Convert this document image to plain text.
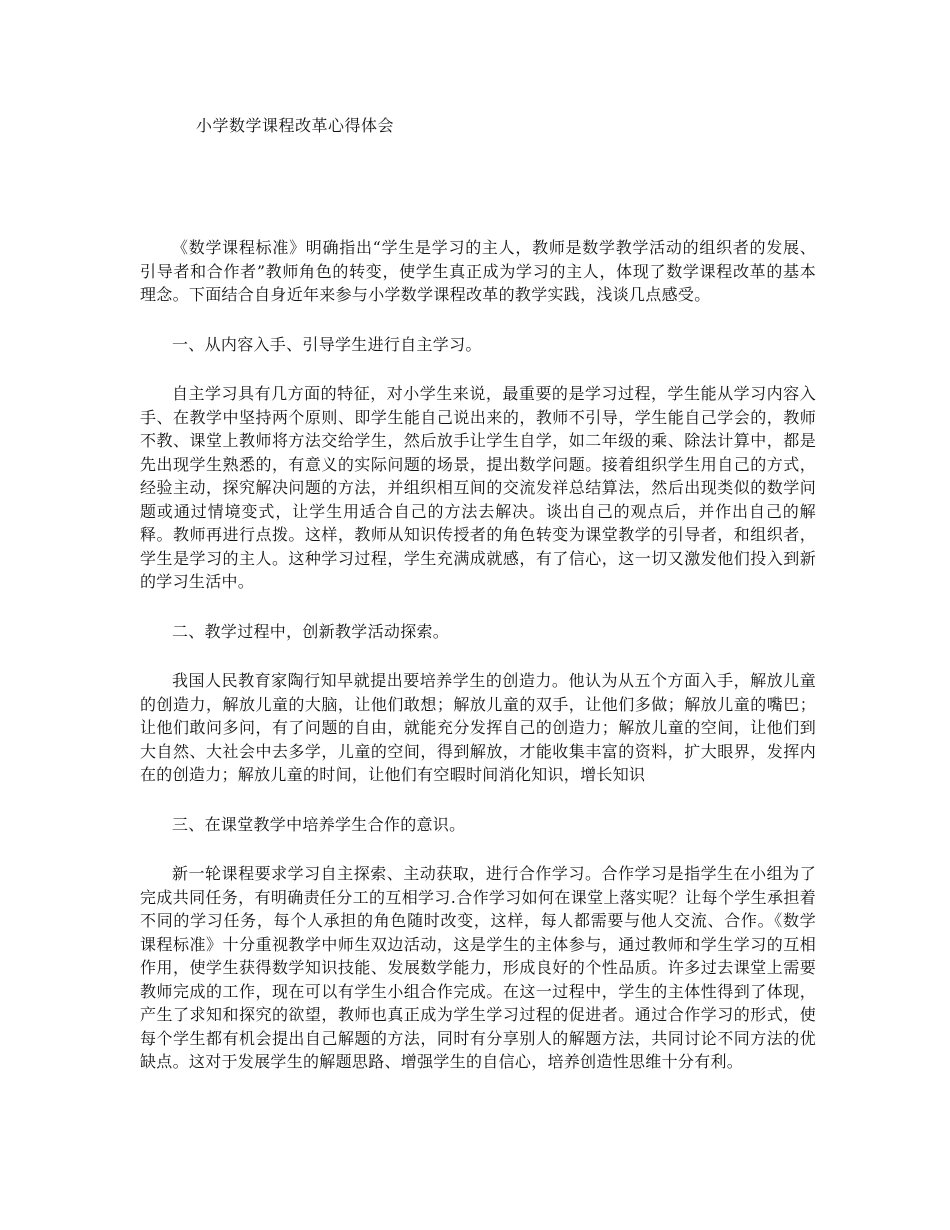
小学数学课程改革心得体会

《数学课程标准》明确指出“学生是学习的主人，教师是数学教学活动的组织者的发展、引导者和合作者”教师角色的转变，使学生真正成为学习的主人，体现了数学课程改革的基本理念。下面结合自身近年来参与小学数学课程改革的教学实践，浅谈几点感受。

一、从内容入手、引导学生进行自主学习。

自主学习具有几方面的特征，对小学生来说，最重要的是学习过程，学生能从学习内容入手、在教学中坚持两个原则、即学生能自己说出来的，教师不引导，学生能自己学会的，教师不教、课堂上教师将方法交给学生，然后放手让学生自学，如二年级的乘、除法计算中，都是先出现学生熟悉的，有意义的实际问题的场景，提出数学问题。接着组织学生用自己的方式，经验主动，探究解决问题的方法，并组织相互间的交流发祥总结算法，然后出现类似的数学问题或通过情境变式，让学生用适合自己的方法去解决。谈出自己的观点后，并作出自己的解释。教师再进行点拨。这样，教师从知识传授者的角色转变为课堂教学的引导者，和组织者，学生是学习的主人。这种学习过程，学生充满成就感，有了信心，这一切又激发他们投入到新的学习生活中。

二、教学过程中，创新教学活动探索。

我国人民教育家陶行知早就提出要培养学生的创造力。他认为从五个方面入手，解放儿童的创造力，解放儿童的大脑，让他们敢想；解放儿童的双手，让他们多做；解放儿童的嘴巴；让他们敢问多问，有了问题的自由，就能充分发挥自己的创造力；解放儿童的空间，让他们到大自然、大社会中去多学，儿童的空间，得到解放，才能收集丰富的资料，扩大眼界，发挥内在的创造力；解放儿童的时间，让他们有空暇时间消化知识，增长知识

三、在课堂教学中培养学生合作的意识。

新一轮课程要求学习自主探索、主动获取，进行合作学习。合作学习是指学生在小组为了完成共同任务，有明确责任分工的互相学习.合作学习如何在课堂上落实呢？让每个学生承担着不同的学习任务，每个人承担的角色随时改变，这样，每人都需要与他人交流、合作。《数学课程标准》十分重视教学中师生双边活动，这是学生的主体参与，通过教师和学生学习的互相作用，使学生获得数学知识技能、发展数学能力，形成良好的个性品质。许多过去课堂上需要教师完成的工作，现在可以有学生小组合作完成。在这一过程中，学生的主体性得到了体现，产生了求知和探究的欲望，教师也真正成为学生学习过程的促进者。通过合作学习的形式，使每个学生都有机会提出自己解题的方法，同时有分享别人的解题方法，共同讨论不同方法的优缺点。这对于发展学生的解题思路、增强学生的自信心，培养创造性思维十分有利。
